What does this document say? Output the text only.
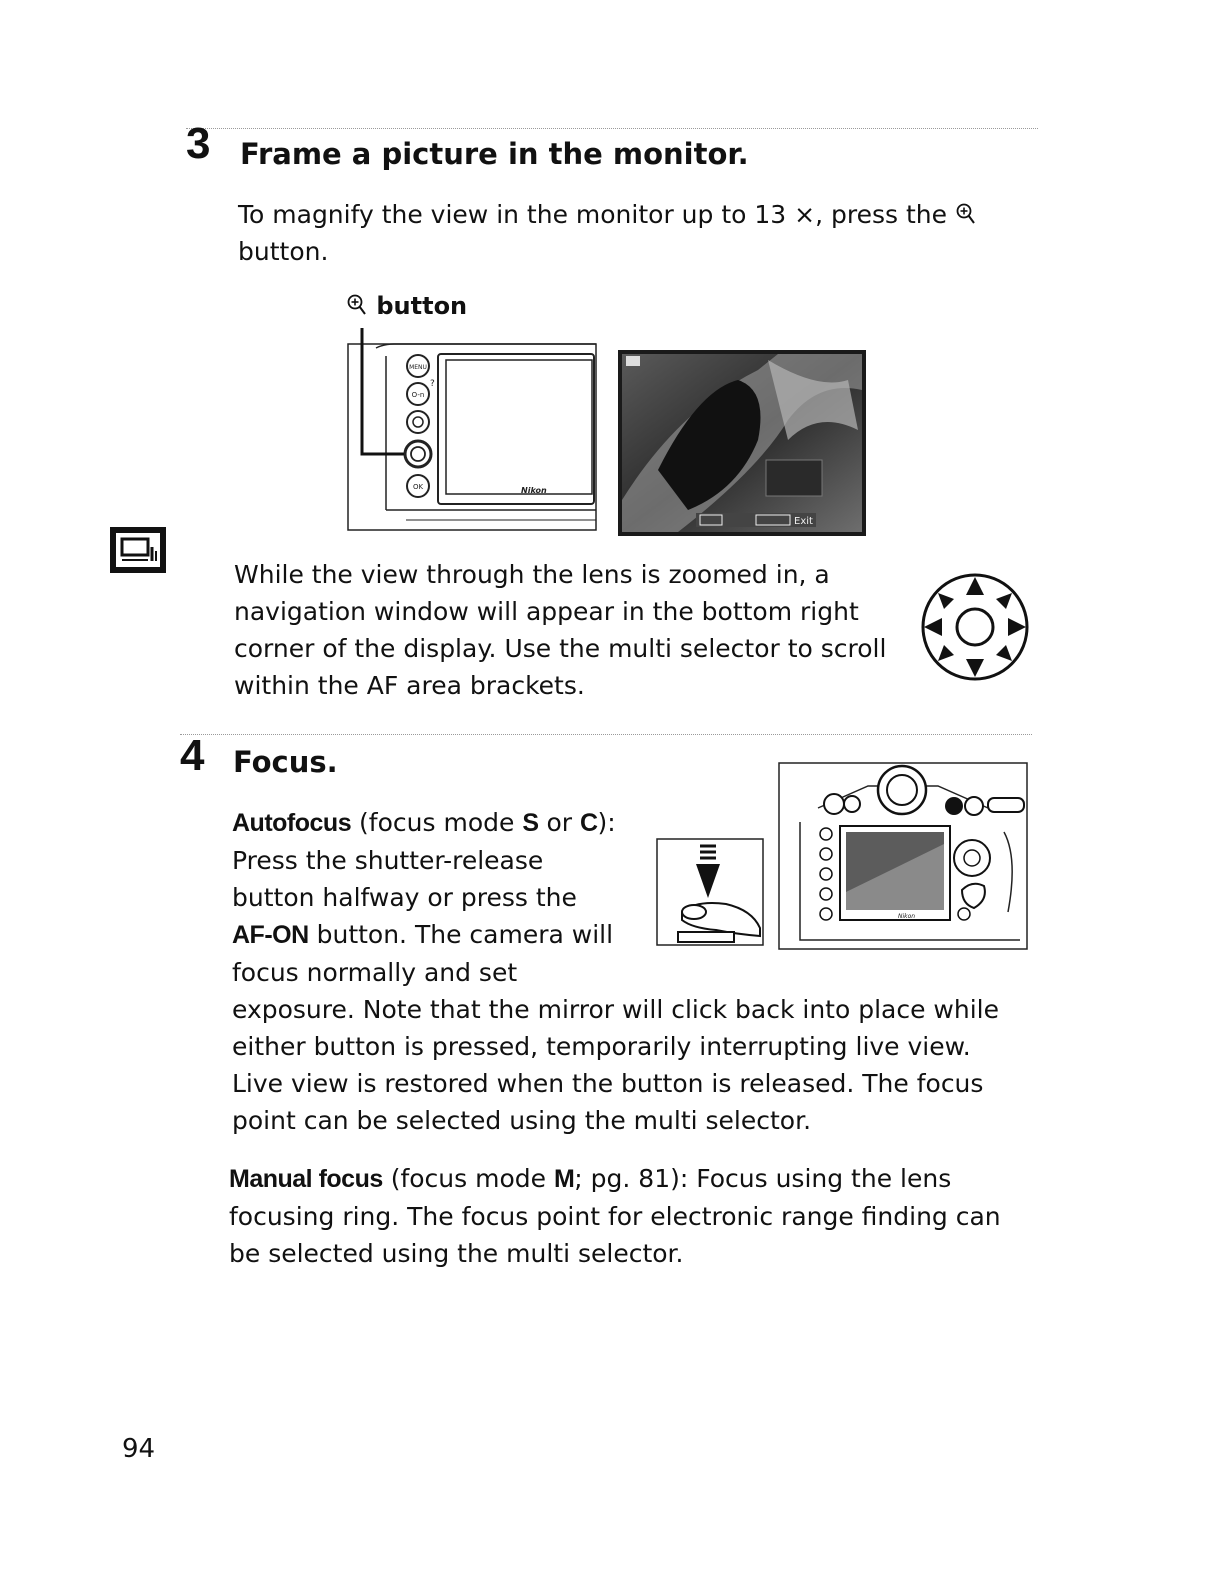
3 Frame a picture in the monitor.

To magnify the view in the monitor up to 13 ×, press the

button.

button
Nikon
MENU
O-n
?
OK
Exit

While the view through the lens is zoomed in, a

navigation window will appear in the bottom right

corner of the display. Use the multi selector to scroll

within the AF area brackets.

4 Focus.

Autofocus (focus mode S or C):

Press the shutter-release

button halfway or press the

AF-ON button. The camera will

focus normally and set

exposure. Note that the mirror will click back into place while

either button is pressed, temporarily interrupting live view.

Live view is restored when the button is released. The focus

point can be selected using the multi selector.

Nikon

Manual focus (focus mode M; pg. 81): Focus using the lens

focusing ring. The focus point for electronic range finding can

be selected using the multi selector.

94
